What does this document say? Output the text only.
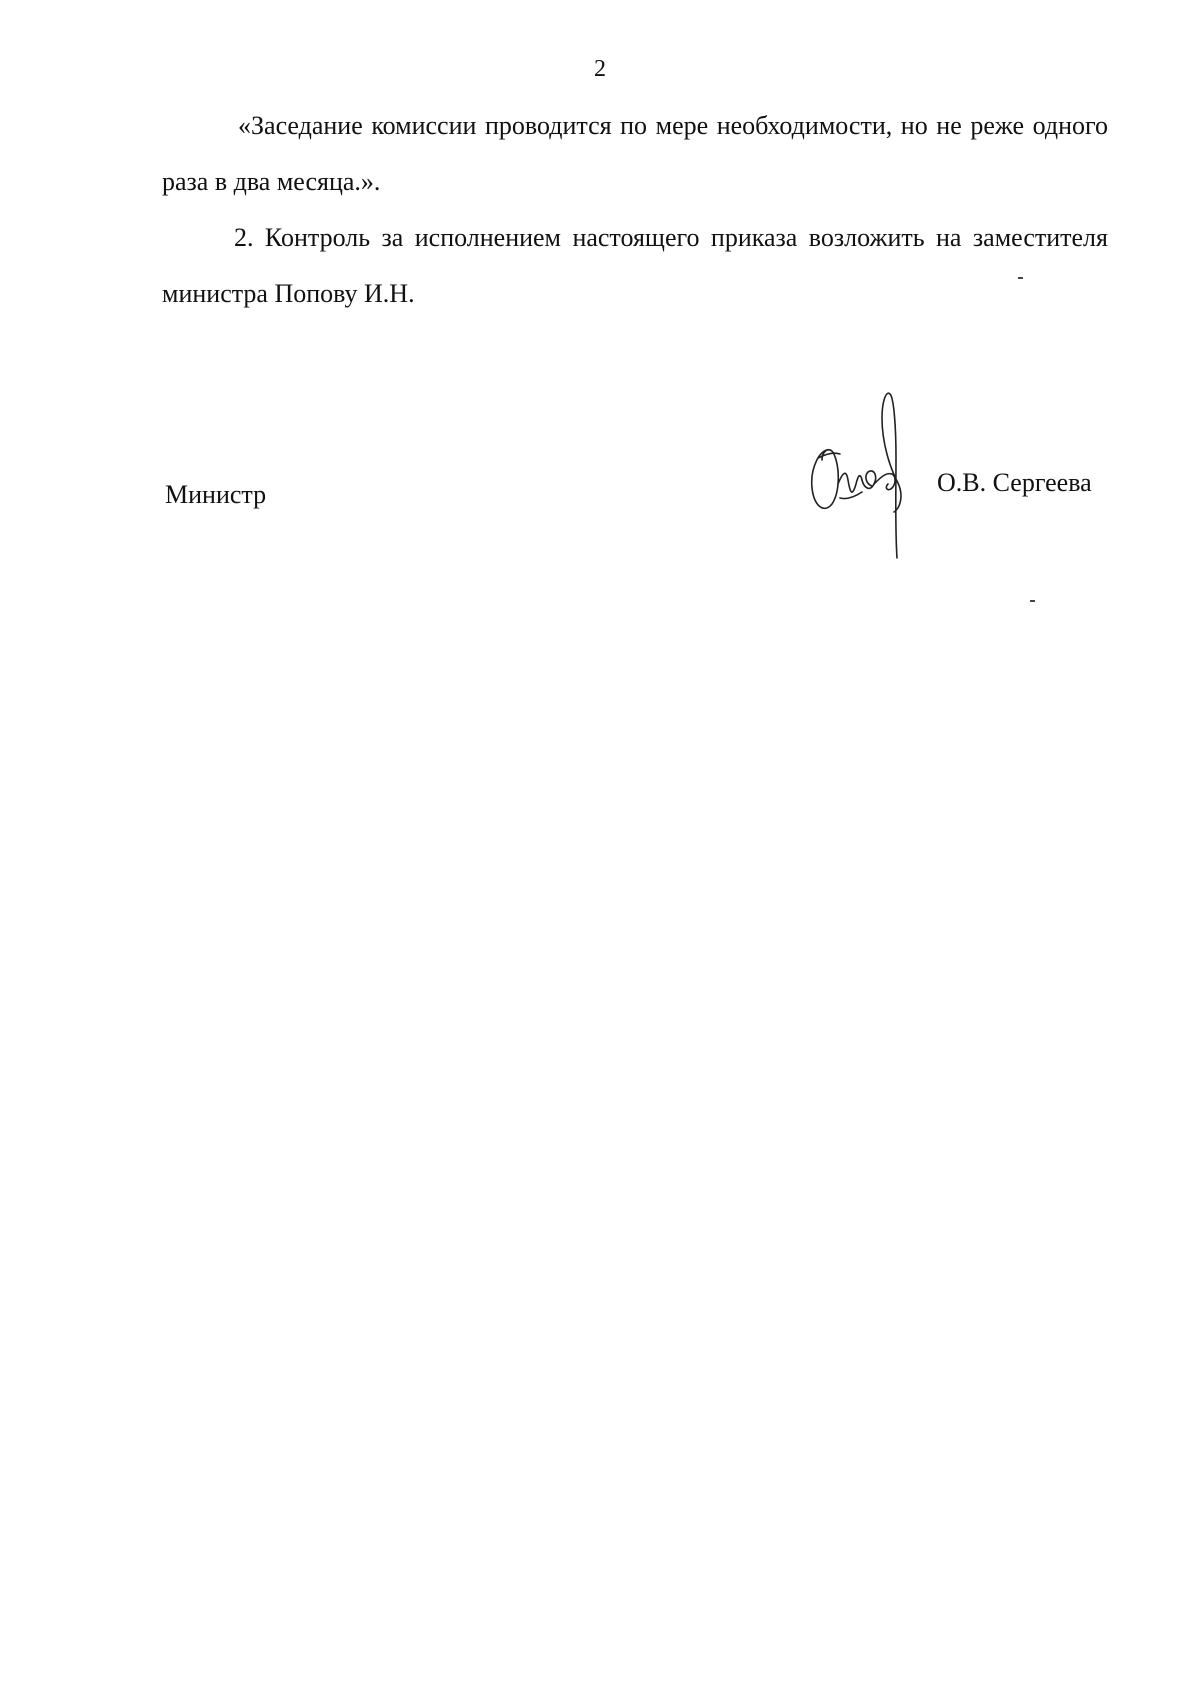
2

«Заседание комиссии проводится по мере необходимости, но не реже одного раза в два месяца.».

2. Контроль за исполнением настоящего приказа возложить на заместителя министра Попову И.Н.

Министр	О.В. Сергеева
